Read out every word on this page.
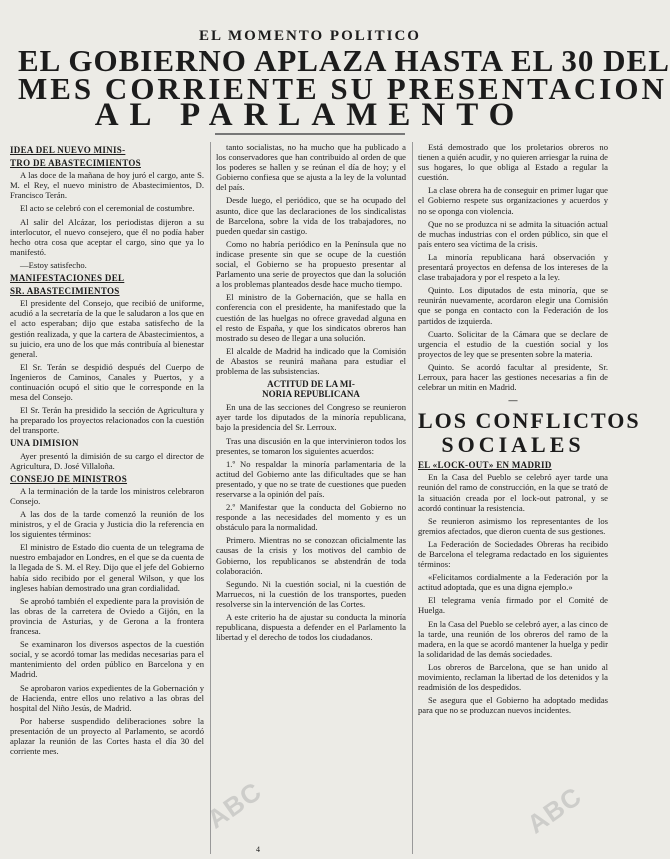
EL MOMENTO POLITICO
EL GOBIERNO APLAZA HASTA EL 30 DEL
MES CORRIENTE SU PRESENTACION
AL PARLAMENTO
IDEA DEL NUEVO MINIS-
TRO DE ABASTECIMIENTOS

A las doce de la mañana de hoy juró el cargo, ante S. M. el Rey, el nuevo ministro de Abastecimientos, D. Francisco Terán.

El acto se celebró con el ceremonial de costumbre.

Al salir del Alcázar, los periodistas dijeron a su interlocutor, el nuevo consejero, que él no podía haber hecho otra cosa que aceptar el cargo, sino que ya lo manifestó.

—Estoy satisfecho.

MANIFESTACIONES DEL
SR. ABASTECIMIENTOS

El presidente del Consejo, que recibió de uniforme, acudió a la secretaría de la que le saludaron a los que en el acto esperaban; dijo que estaba satisfecho de la gestión realizada, y que la cartera de Abastecimientos, a su juicio, era uno de los que más contribuía al bienestar general.

El Sr. Terán se despidió después del Cuerpo de Ingenieros de Caminos, Canales y Puertos, y a continuación ocupó el sitio que le corresponde en la mesa del Consejo.

El Sr. Terán ha presidido la sección de Agricultura y ha preparado los proyectos relacionados con la cuestión del transporte.

UNA DIMISION

Ayer presentó la dimisión de su cargo el director de Agricultura, D. José Villaloña.

CONSEJO DE MINISTROS

A la terminación de la tarde los ministros celebraron Consejo.

A las dos de la tarde comenzó la reunión de los ministros, y el de Gracia y Justicia dio la referencia en los siguientes términos:

El ministro de Estado dio cuenta de un telegrama de nuestro embajador en Londres, en el que se da cuenta de la llegada de S. M. el Rey. Dijo que el jefe del Gobierno había sido recibido por el general Wilson, y que los ingleses habían demostrado una gran cordialidad.

Se aprobó también el expediente para la provisión de las obras de la carretera de Oviedo a Gijón, en la provincia de Asturias, y de Gerona a la frontera francesa.

Se examinaron los diversos aspectos de la cuestión social, y se acordó tomar las medidas necesarias para el mantenimiento del orden público en Barcelona y en Madrid.

Se aprobaron varios expedientes de la Gobernación y de Hacienda, entre ellos uno relativo a las obras del hospital del Niño Jesús, de Madrid.

Por haberse suspendido deliberaciones sobre la presentación de un proyecto al Parlamento, se acordó aplazar la reunión de las Cortes hasta el día 30 del corriente mes.

tanto socialistas, no ha mucho que ha publicado a los conservadores que han contribuido al orden de que los poderes se hallen y se reúnan el día de hoy; y el Gobierno confiesa que se ajusta a la ley de la voluntad del país.

Desde luego, el periódico, que se ha ocupado del asunto, dice que las declaraciones de los sindicalistas de Barcelona, sobre la vida de los trabajadores, no pueden quedar sin castigo.

Como no habría periódico en la Península que no indicase presente sin que se ocupe de la cuestión social, el Gobierno se ha propuesto presentar al Parlamento una serie de proyectos que dan la solución a los problemas planteados desde hace mucho tiempo.

El ministro de la Gobernación, que se halla en conferencia con el presidente, ha manifestado que la cuestión de las huelgas no ofrece gravedad alguna en el resto de España, y que los sindicatos obreros han mostrado su deseo de llegar a una solución.

El alcalde de Madrid ha indicado que la Comisión de Abastos se reunirá mañana para estudiar el problema de las subsistencias.

ACTITUD DE LA MI-
NORIA REPUBLICANA

En una de las secciones del Congreso se reunieron ayer tarde los diputados de la minoría republicana, bajo la presidencia del Sr. Lerroux.

Tras una discusión en la que intervinieron todos los presentes, se tomaron los siguientes acuerdos:

1.º No respaldar la minoría parlamentaria de la actitud del Gobierno ante las dificultades que se han presentado, y que no se trate de cuestiones que pueden reservarse a la opinión del país.

2.º Manifestar que la conducta del Gobierno no responde a las necesidades del momento y es un obstáculo para la normalidad.

Primero. Mientras no se conozcan oficialmente las causas de la crisis y los motivos del cambio de Gobierno, los republicanos se abstendrán de toda colaboración.

Segundo. Ni la cuestión social, ni la cuestión de Marruecos, ni la cuestión de los transportes, pueden resolverse sin la intervención de las Cortes.

A este criterio ha de ajustar su conducta la minoría republicana, dispuesta a defender en el Parlamento la libertad y el derecho de todos los ciudadanos.

Está demostrado que los proletarios obreros no tienen a quién acudir, y no quieren arriesgar la ruina de sus hogares, lo que obliga al Estado a regular la cuestión.

La clase obrera ha de conseguir en primer lugar que el Gobierno respete sus organizaciones y acuerdos y no se oponga con violencia.

Que no se produzca ni se admita la situación actual de muchas industrias con el orden público, sin que el país entero sea víctima de la crisis.

La minoría republicana hará observación y presentará proyectos en defensa de los intereses de la clase trabajadora y por el respeto a la ley.

Quinto. Los diputados de esta minoría, que se reunirán nuevamente, acordaron elegir una Comisión que se ponga en contacto con la Federación de los partidos de izquierda.

Cuarto. Solicitar de la Cámara que se declare de urgencia el estudio de la cuestión social y los proyectos de ley que se presenten sobre la materia.

Quinto. Se acordó facultar al presidente, Sr. Lerroux, para hacer las gestiones necesarias a fin de celebrar un mitin en Madrid.

—
LOS CONFLICTOS
SOCIALES
EL «LOCK-OUT» EN MADRID

En la Casa del Pueblo se celebró ayer tarde una reunión del ramo de construcción, en la que se trató de la situación creada por el lock-out patronal, y se acordó continuar la resistencia.

Se reunieron asimismo los representantes de los gremios afectados, que dieron cuenta de sus gestiones.

La Federación de Sociedades Obreras ha recibido de Barcelona el telegrama redactado en los siguientes términos:

«Felicitamos cordialmente a la Federación por la actitud adoptada, que es una digna ejemplo.»

El telegrama venía firmado por el Comité de Huelga.

En la Casa del Pueblo se celebró ayer, a las cinco de la tarde, una reunión de los obreros del ramo de la madera, en la que se acordó mantener la huelga y pedir la solidaridad de las demás sociedades.

Los obreros de Barcelona, que se han unido al movimiento, reclaman la libertad de los detenidos y la readmisión de los despedidos.

Se asegura que el Gobierno ha adoptado medidas para que no se produzcan nuevos incidentes.

ABC	ABC
4
